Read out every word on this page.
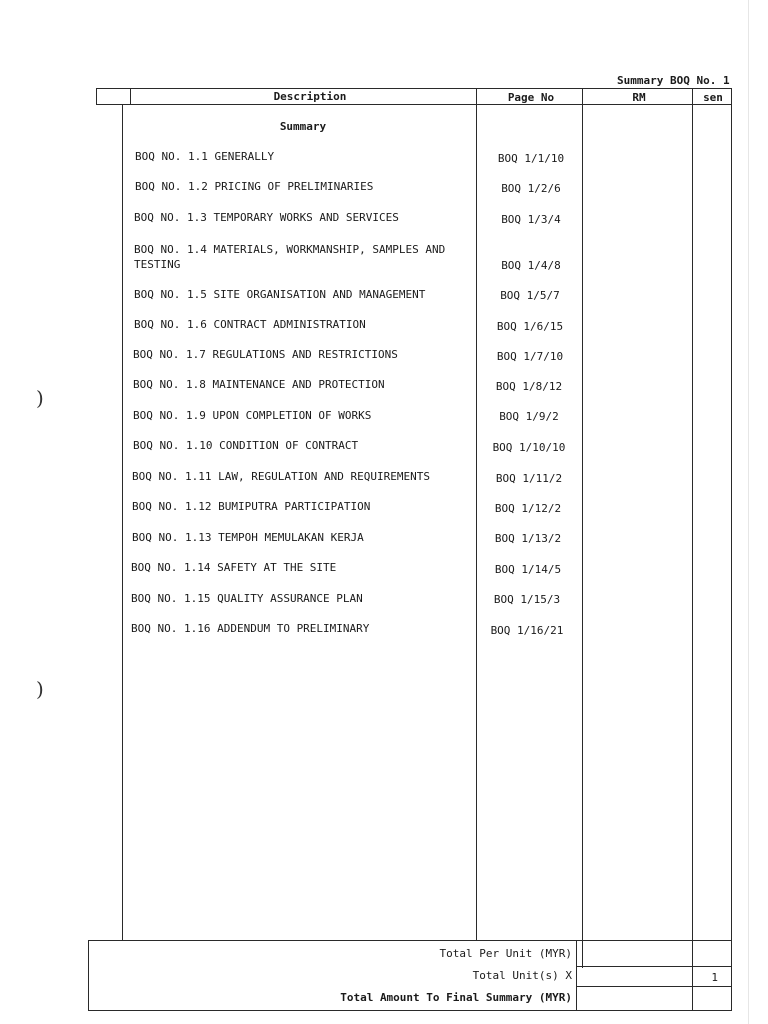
Summary BOQ No. 1
Description	Page No	RM	sen
Summary
BOQ NO. 1.1 GENERALLY	BOQ 1/1/10
BOQ NO. 1.2 PRICING OF PRELIMINARIES	BOQ 1/2/6
BOQ NO. 1.3 TEMPORARY WORKS AND SERVICES	BOQ 1/3/4
BOQ NO. 1.4 MATERIALS, WORKMANSHIP, SAMPLES AND TESTING	BOQ 1/4/8
BOQ NO. 1.5 SITE ORGANISATION AND MANAGEMENT	BOQ 1/5/7
BOQ NO. 1.6 CONTRACT ADMINISTRATION	BOQ 1/6/15
BOQ NO. 1.7 REGULATIONS AND RESTRICTIONS	BOQ 1/7/10
BOQ NO. 1.8 MAINTENANCE AND PROTECTION	BOQ 1/8/12
BOQ NO. 1.9 UPON COMPLETION OF WORKS	BOQ 1/9/2
BOQ NO. 1.10 CONDITION OF CONTRACT	BOQ 1/10/10
BOQ NO. 1.11 LAW, REGULATION AND REQUIREMENTS	BOQ 1/11/2
BOQ NO. 1.12 BUMIPUTRA PARTICIPATION	BOQ 1/12/2
BOQ NO. 1.13 TEMPOH MEMULAKAN KERJA	BOQ 1/13/2
BOQ NO. 1.14 SAFETY AT THE SITE	BOQ 1/14/5
BOQ NO. 1.15 QUALITY ASSURANCE PLAN	BOQ 1/15/3
BOQ NO. 1.16 ADDENDUM TO PRELIMINARY	BOQ 1/16/21
Total Per Unit (MYR)
Total Unit(s) X	1
Total Amount To Final Summary (MYR)
)
)
